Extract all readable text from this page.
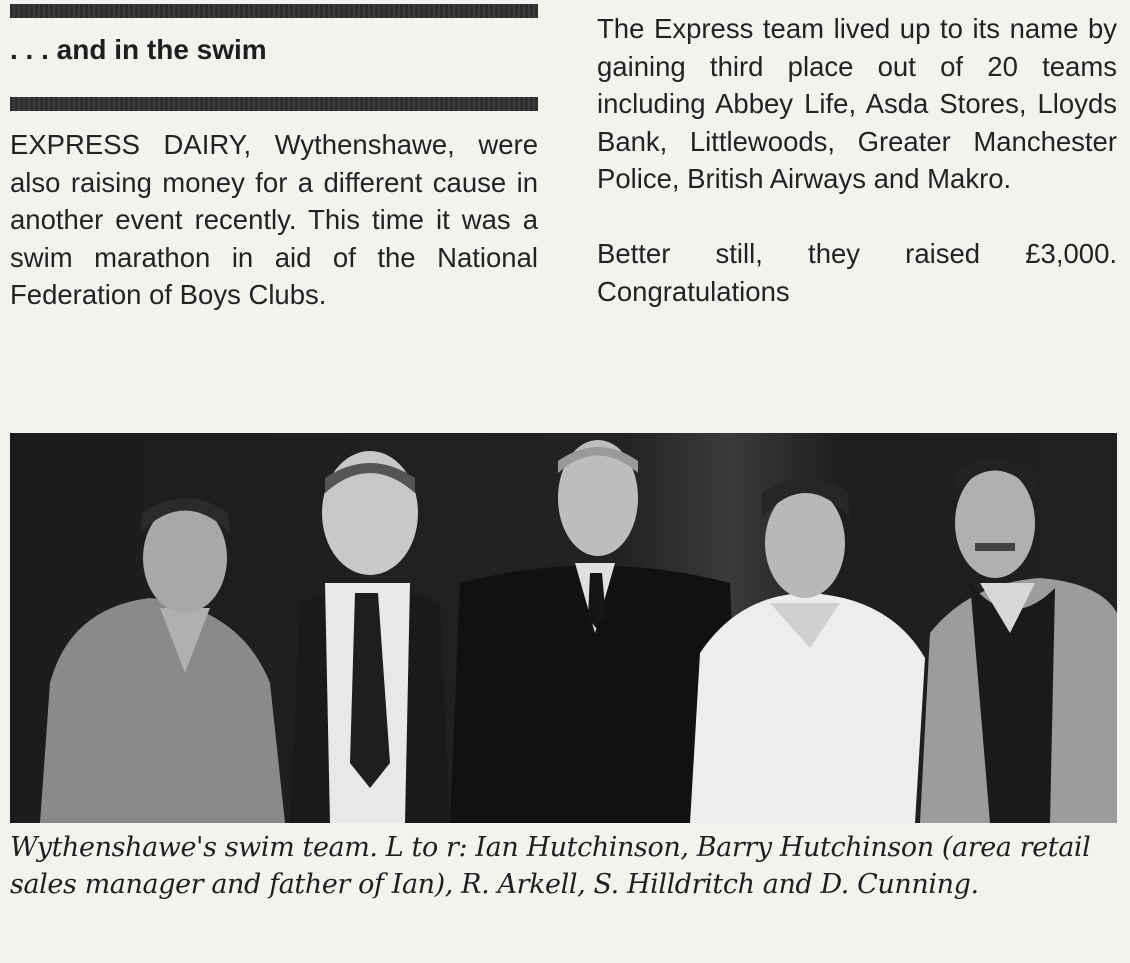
. . . and in the swim

EXPRESS DAIRY, Wythenshawe, were also raising money for a different cause in another event recently. This time it was a swim marathon in aid of the National Federation of Boys Clubs.

The Express team lived up to its name by gaining third place out of 20 teams including Abbey Life, Asda Stores, Lloyds Bank, Littlewoods, Greater Manchester Police, British Airways and Makro.

Better still, they raised £3,000. Congratulations

Wythenshawe's swim team. L to r: Ian Hutchinson, Barry Hutchinson (area retail sales manager and father of Ian), R. Arkell, S. Hilldritch and D. Cunning.
